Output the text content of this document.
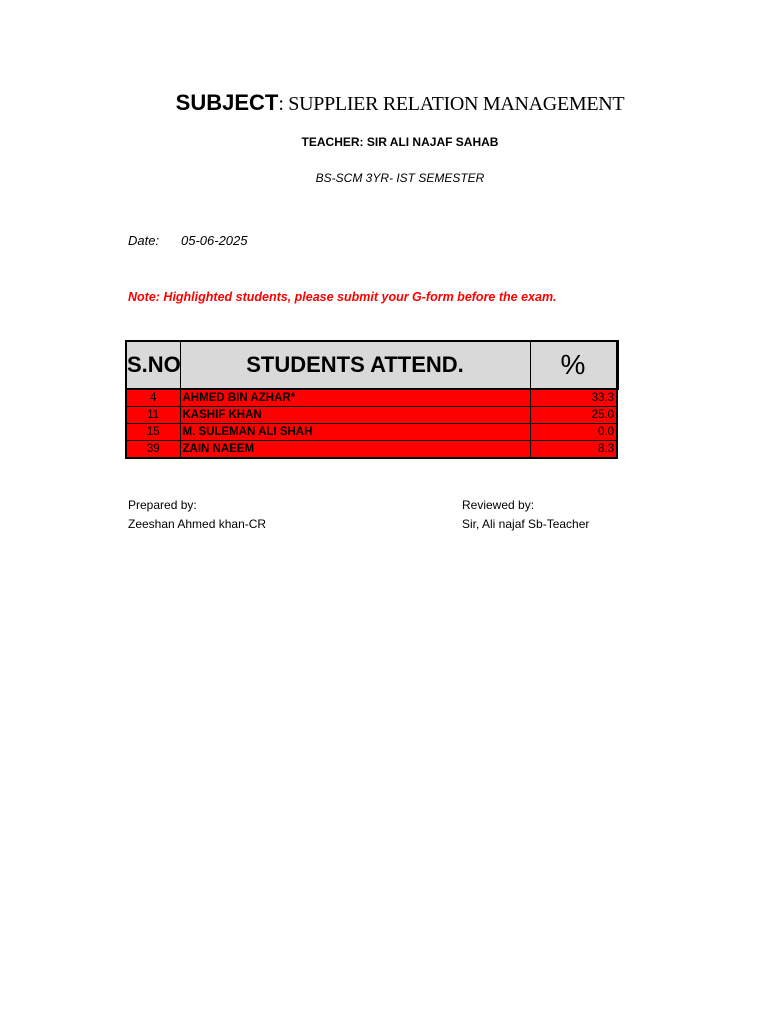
SUBJECT: SUPPLIER RELATION MANAGEMENT
TEACHER: SIR ALI NAJAF SAHAB
BS-SCM 3YR- IST SEMESTER
Date: 05-06-2025
Note: Highlighted students, please submit your G-form before the exam.
S.NO	STUDENTS ATTEND.	%
4	AHMED BIN AZHAR*	33.3
11	KASHIF KHAN	25.0
15	M. SULEMAN ALI SHAH	0.0
39	ZAIN NAEEM	8.3
Prepared by:
Zeeshan Ahmed khan-CR
Reviewed by:
Sir, Ali najaf Sb-Teacher
